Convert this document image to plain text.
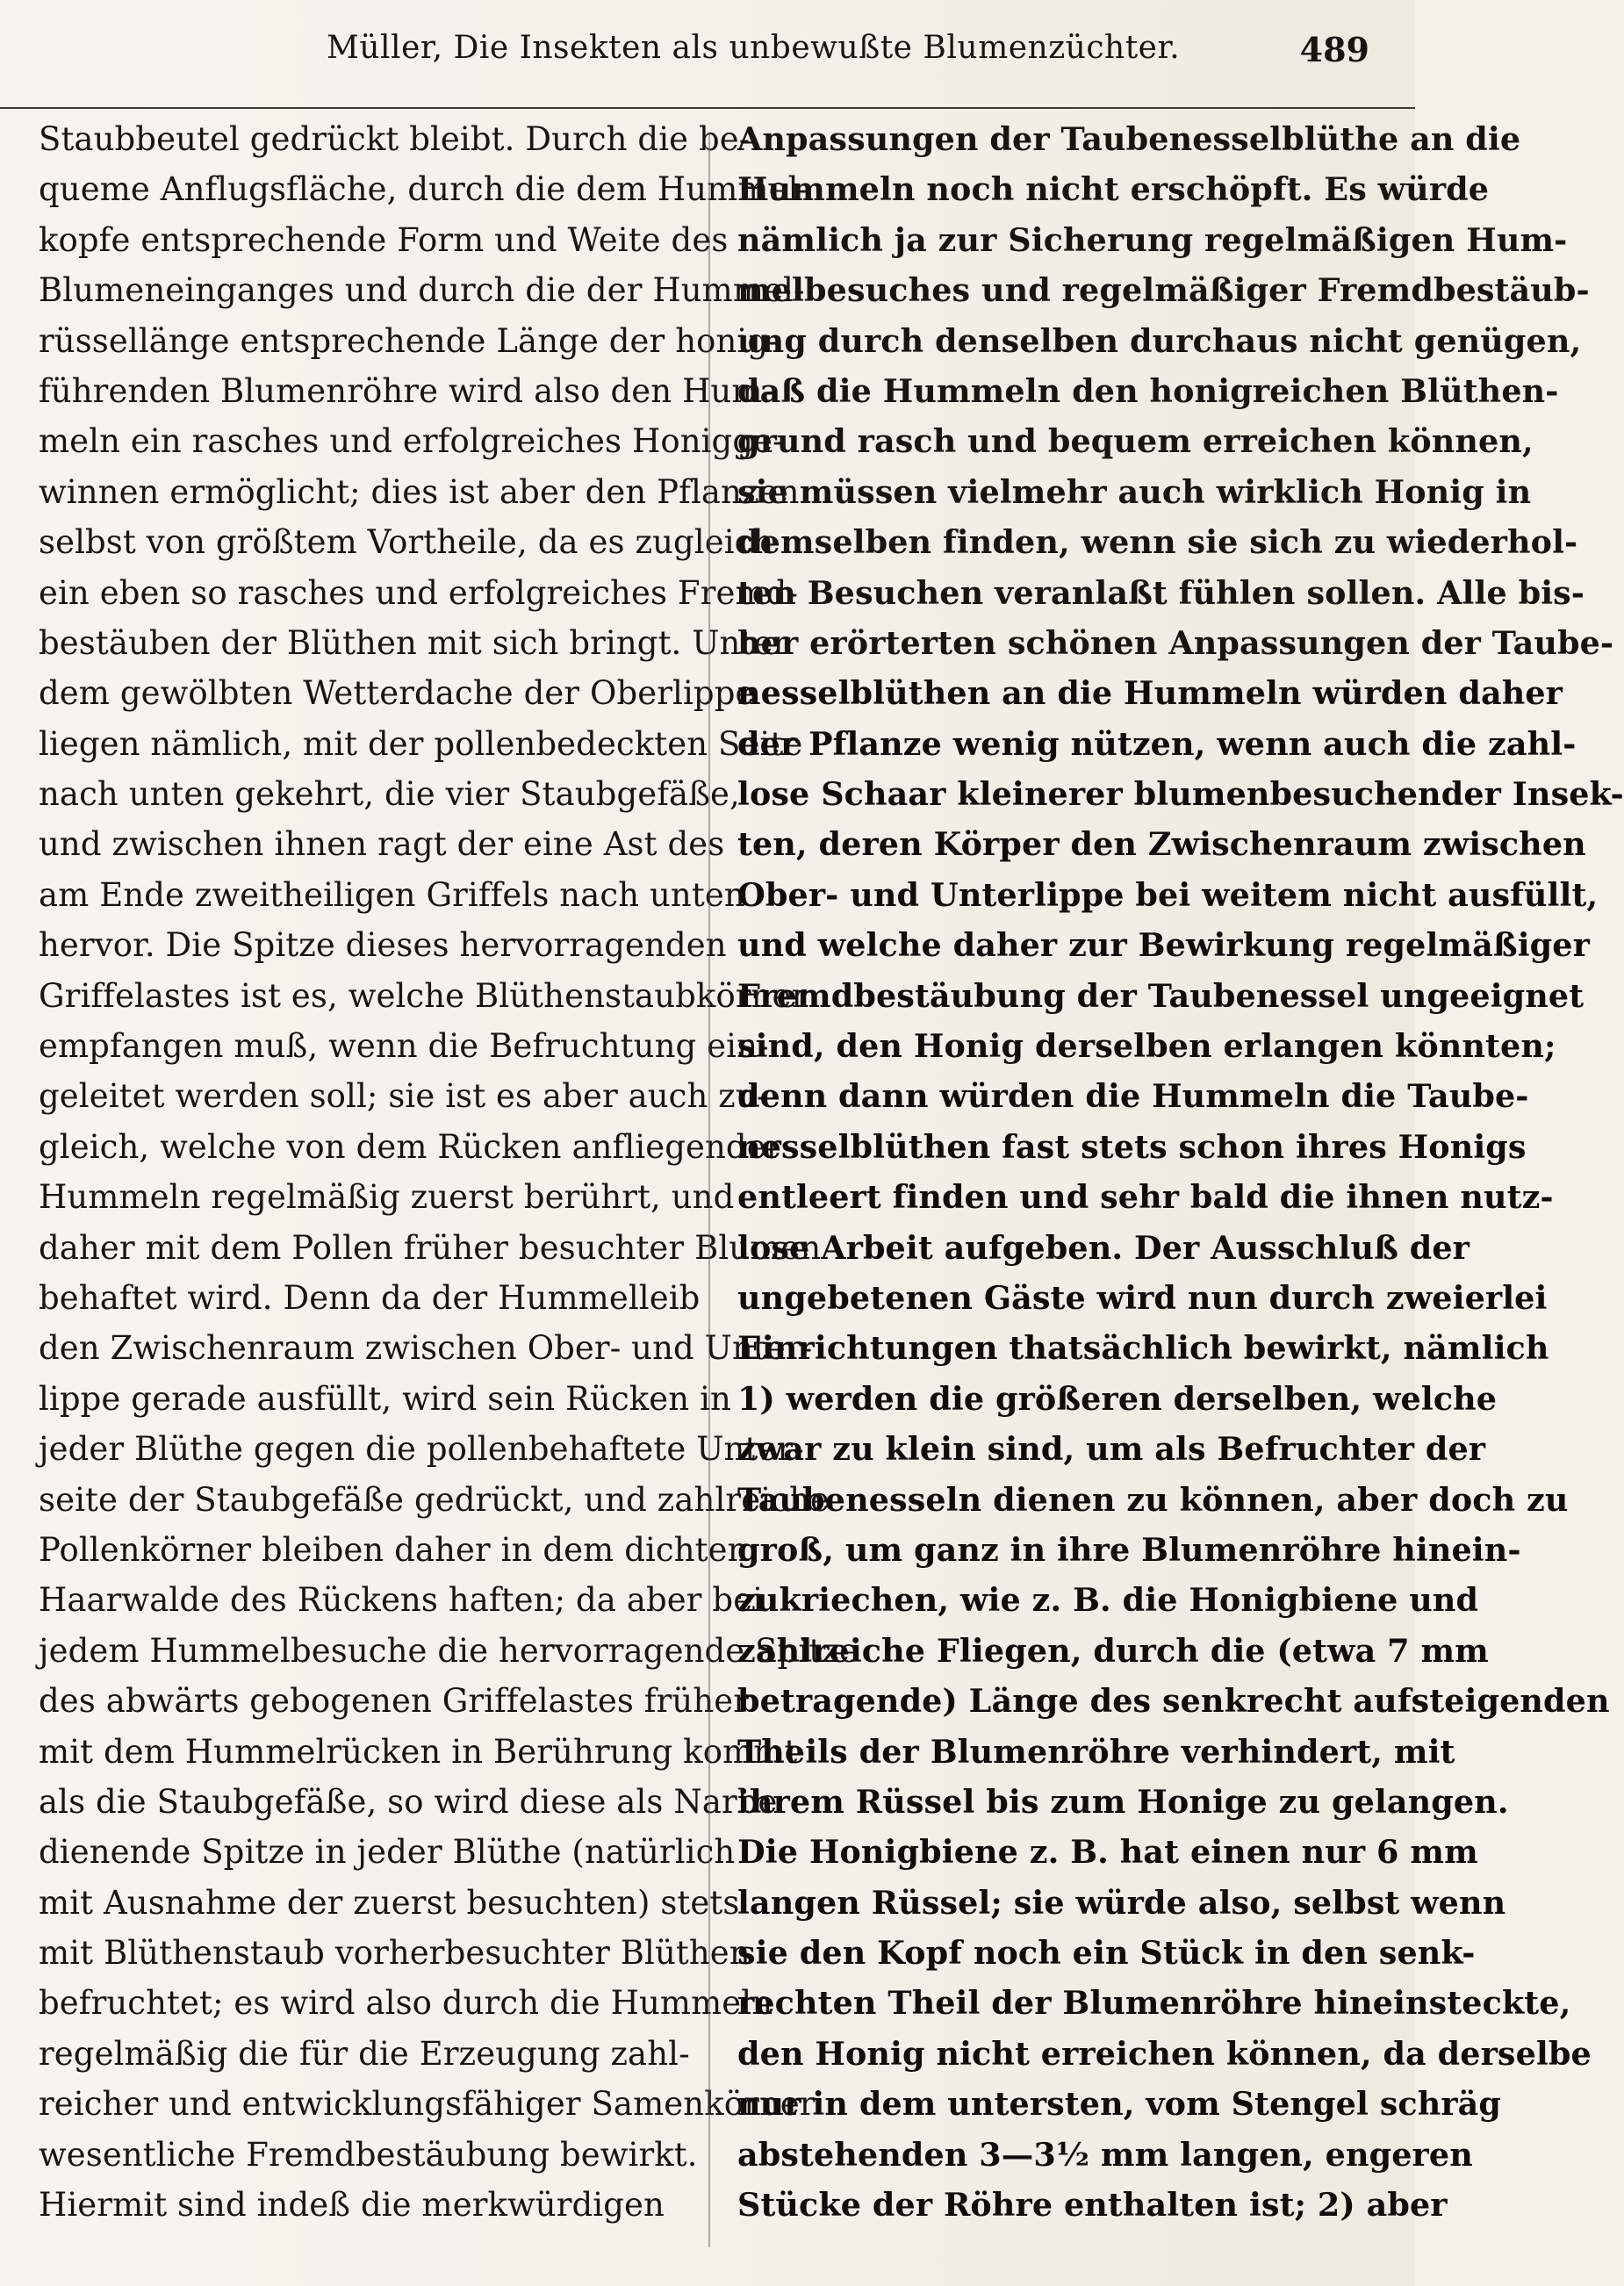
Müller, Die Insekten als unbewußte Blumenzüchter.	489
Staubbeutel gedrückt bleibt. Durch die be-
queme Anflugsfläche, durch die dem Hummel-
kopfe entsprechende Form und Weite des
Blumeneinganges und durch die der Hummel-
rüssellänge entsprechende Länge der honig-
führenden Blumenröhre wird also den Hum-
meln ein rasches und erfolgreiches Honigge-
winnen ermöglicht; dies ist aber den Pflanzen
selbst von größtem Vortheile, da es zugleich
ein eben so rasches und erfolgreiches Fremd-
bestäuben der Blüthen mit sich bringt. Unter
dem gewölbten Wetterdache der Oberlippe
liegen nämlich, mit der pollenbedeckten Seite
nach unten gekehrt, die vier Staubgefäße,
und zwischen ihnen ragt der eine Ast des
am Ende zweitheiligen Griffels nach unten
hervor. Die Spitze dieses hervorragenden
Griffelastes ist es, welche Blüthenstaubkörner
empfangen muß, wenn die Befruchtung ein-
geleitet werden soll; sie ist es aber auch zu-
gleich, welche von dem Rücken anfliegender
Hummeln regelmäßig zuerst berührt, und
daher mit dem Pollen früher besuchter Blumen
behaftet wird. Denn da der Hummelleib
den Zwischenraum zwischen Ober- und Unter-
lippe gerade ausfüllt, wird sein Rücken in
jeder Blüthe gegen die pollenbehaftete Unter-
seite der Staubgefäße gedrückt, und zahlreiche
Pollenkörner bleiben daher in dem dichten
Haarwalde des Rückens haften; da aber bei
jedem Hummelbesuche die hervorragende Spitze
des abwärts gebogenen Griffelastes früher
mit dem Hummelrücken in Berührung kommt
als die Staubgefäße, so wird diese als Narbe
dienende Spitze in jeder Blüthe (natürlich
mit Ausnahme der zuerst besuchten) stets
mit Blüthenstaub vorherbesuchter Blüthen
befruchtet; es wird also durch die Hummeln
regelmäßig die für die Erzeugung zahl-
reicher und entwicklungsfähiger Samenkörner
wesentliche Fremdbestäubung bewirkt.
Hiermit sind indeß die merkwürdigen
Anpassungen der Taubenesselblüthe an die
Hummeln noch nicht erschöpft. Es würde
nämlich ja zur Sicherung regelmäßigen Hum-
melbesuches und regelmäßiger Fremdbestäub-
ung durch denselben durchaus nicht genügen,
daß die Hummeln den honigreichen Blüthen-
grund rasch und bequem erreichen können,
sie müssen vielmehr auch wirklich Honig in
demselben finden, wenn sie sich zu wiederhol-
ten Besuchen veranlaßt fühlen sollen. Alle bis-
her erörterten schönen Anpassungen der Taube-
nesselblüthen an die Hummeln würden daher
der Pflanze wenig nützen, wenn auch die zahl-
lose Schaar kleinerer blumenbesuchender Insek-
ten, deren Körper den Zwischenraum zwischen
Ober- und Unterlippe bei weitem nicht ausfüllt,
und welche daher zur Bewirkung regelmäßiger
Fremdbestäubung der Taubenessel ungeeignet
sind, den Honig derselben erlangen könnten;
denn dann würden die Hummeln die Taube-
nesselblüthen fast stets schon ihres Honigs
entleert finden und sehr bald die ihnen nutz-
lose Arbeit aufgeben. Der Ausschluß der
ungebetenen Gäste wird nun durch zweierlei
Einrichtungen thatsächlich bewirkt, nämlich
1) werden die größeren derselben, welche
zwar zu klein sind, um als Befruchter der
Taubenesseln dienen zu können, aber doch zu
groß, um ganz in ihre Blumenröhre hinein-
zukriechen, wie z. B. die Honigbiene und
zahlreiche Fliegen, durch die (etwa 7 mm
betragende) Länge des senkrecht aufsteigenden
Theils der Blumenröhre verhindert, mit
ihrem Rüssel bis zum Honige zu gelangen.
Die Honigbiene z. B. hat einen nur 6 mm
langen Rüssel; sie würde also, selbst wenn
sie den Kopf noch ein Stück in den senk-
rechten Theil der Blumenröhre hineinsteckte,
den Honig nicht erreichen können, da derselbe
nur in dem untersten, vom Stengel schräg
abstehenden 3—3½ mm langen, engeren
Stücke der Röhre enthalten ist; 2) aber
